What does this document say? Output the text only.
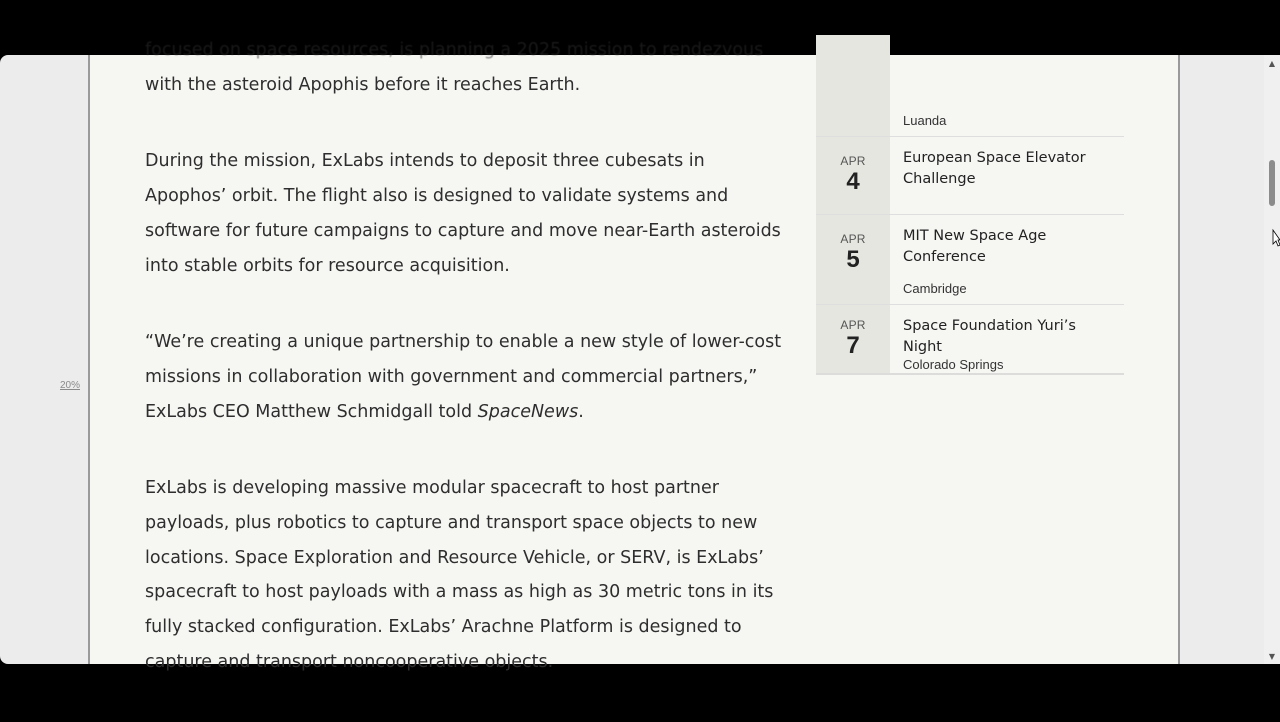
20%

focused on space resources, is planning a 2025 mission to rendezvous
with the asteroid Apophis before it reaches Earth.

During the mission, ExLabs intends to deposit three cubesats in Apophos’ orbit. The flight also is designed to validate systems and software for future campaigns to capture and move near-Earth asteroids into stable orbits for resource acquisition.

“We’re creating a unique partnership to enable a new style of lower-cost missions in collaboration with government and commercial partners,” ExLabs CEO Matthew Schmidgall told SpaceNews.

ExLabs is developing massive modular spacecraft to host partner payloads, plus robotics to capture and transport space objects to new locations. Space Exploration and Resource Vehicle, or SERV, is ExLabs’ spacecraft to host payloads with a mass as high as 30 metric tons in its fully stacked configuration. ExLabs’ Arachne Platform is designed to capture and transport noncooperative objects.

Luanda
APR
4
European Space Elevator Challenge
APR
5
MIT New Space Age Conference
Cambridge
APR
7
Space Foundation Yuri’s Night
Colorado Springs
▲
▼
